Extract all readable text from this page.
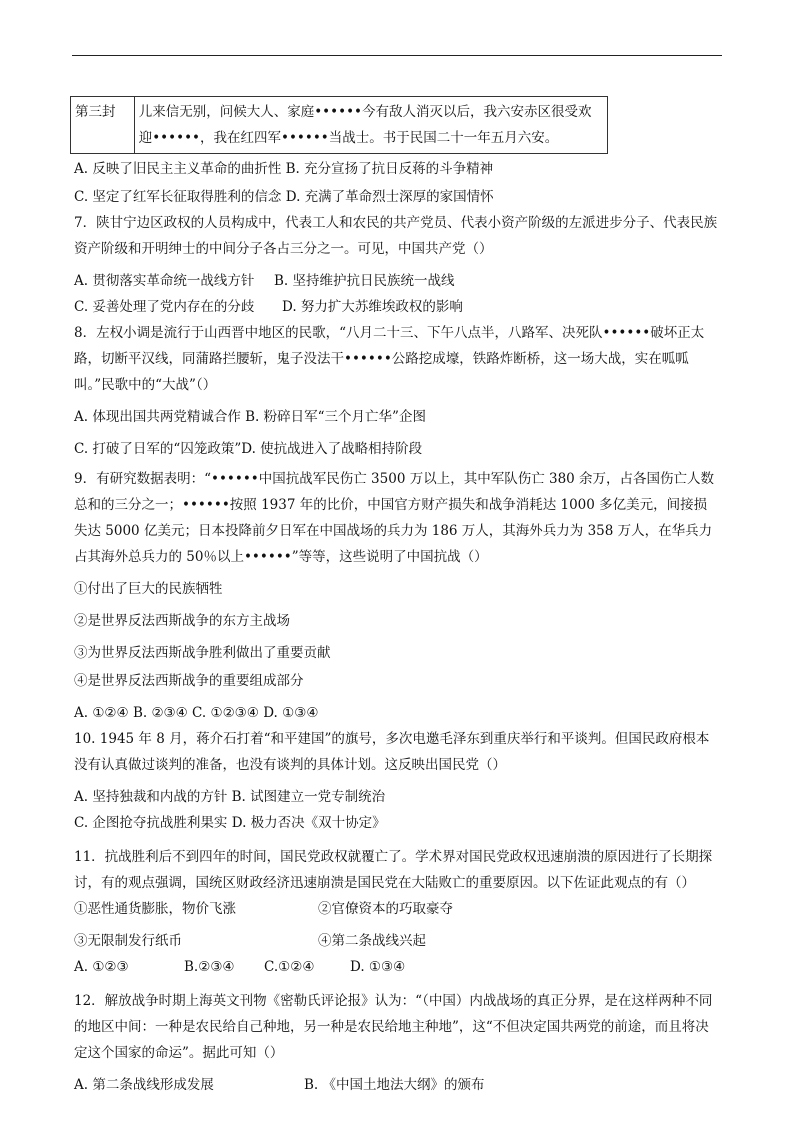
第三封	儿来信无别，问候大人、家庭••••••今有敌人消灭以后，我六安赤区很受欢迎••••••，我在红四军••••••当战士。书于民国二十一年五月六安。

A. 反映了旧民主主义革命的曲折性 B. 充分宣扬了抗日反蒋的斗争精神

C. 坚定了红军长征取得胜利的信念 D. 充满了革命烈士深厚的家国情怀

7．陕甘宁边区政权的人员构成中，代表工人和农民的共产党员、代表小资产阶级的左派进步分子、代表民族资产阶级和开明绅士的中间分子各占三分之一。可见，中国共产党（）

A. 贯彻落实革命统一战线方针 B. 坚持维护抗日民族统一战线

C. 妥善处理了党内存在的分歧 D. 努力扩大苏维埃政权的影响

8．左权小调是流行于山西晋中地区的民歌，“八月二十三、下午八点半，八路军、决死队••••••破坏正太路，切断平汉线，同蒲路拦腰斩，鬼子没法干••••••公路挖成壕，铁路炸断桥，这一场大战，实在呱呱叫。”民歌中的“大战”（）

A. 体现出国共两党精诚合作 B. 粉碎日军“三个月亡华”企图

C. 打破了日军的“囚笼政策”D. 使抗战进入了战略相持阶段

9．有研究数据表明：“••••••中国抗战军民伤亡 3500 万以上，其中军队伤亡 380 余万，占各国伤亡人数总和的三分之一；••••••按照 1937 年的比价，中国官方财产损失和战争消耗达 1000 多亿美元，间接损失达 5000 亿美元；日本投降前夕日军在中国战场的兵力为 186 万人，其海外兵力为 358 万人，在华兵力占其海外总兵力的 50％以上••••••”等等，这些说明了中国抗战（）

①付出了巨大的民族牺牲

②是世界反法西斯战争的东方主战场

③为世界反法西斯战争胜利做出了重要贡献

④是世界反法西斯战争的重要组成部分

A. ①②④ B. ②③④ C. ①②③④ D. ①③④

10. 1945 年 8 月，蒋介石打着“和平建国”的旗号，多次电邀毛泽东到重庆举行和平谈判。但国民政府根本没有认真做过谈判的准备，也没有谈判的具体计划。这反映出国民党（）

A. 坚持独裁和内战的方针 B. 试图建立一党专制统治

C. 企图抢夺抗战胜利果实 D. 极力否决《双十协定》

11．抗战胜利后不到四年的时间，国民党政权就覆亡了。学术界对国民党政权迅速崩溃的原因进行了长期探讨，有的观点强调，国统区财政经济迅速崩溃是国民党在大陆败亡的重要原因。以下佐证此观点的有（）

①恶性通货膨胀，物价飞涨	②官僚资本的巧取豪夺
③无限制发行纸币	④第二条战线兴起
A. ①②③	B.②③④	C.①②④	D. ①③④

12．解放战争时期上海英文刊物《密勒氏评论报》认为：“（中国）内战战场的真正分界，是在这样两种不同的地区中间：一种是农民给自己种地，另一种是农民给地主种地”，这“不但决定国共两党的前途，而且将决定这个国家的命运”。据此可知（）

A. 第二条战线形成发展	B. 《中国土地法大纲》的颁布
